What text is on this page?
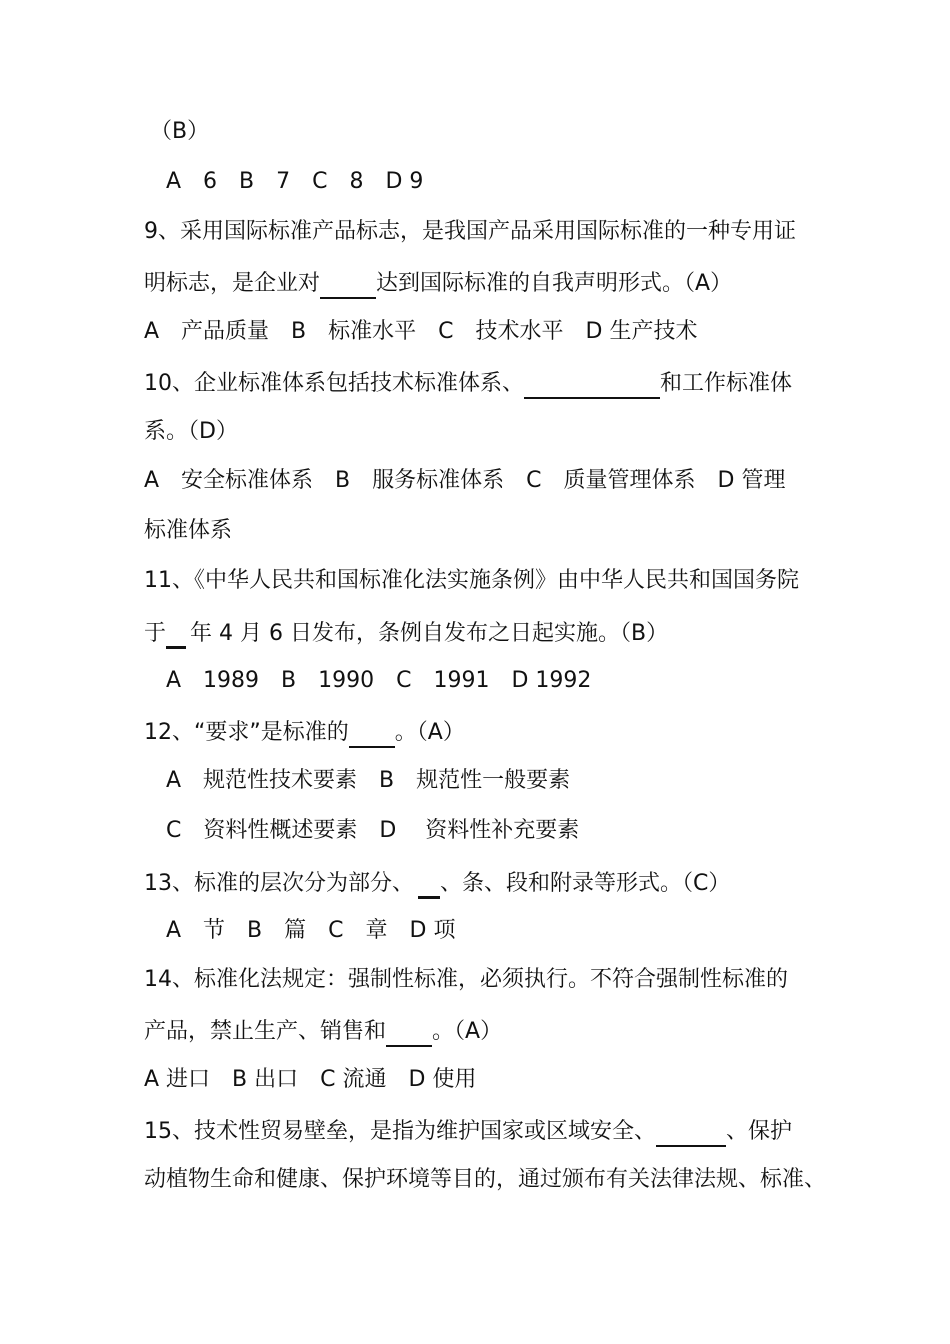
（B）
A　6　B　7　C　8　D 9
9、采用国际标准产品标志，是我国产品采用国际标准的一种专用证
明标志，是企业对	达到国际标准的自我声明形式。（A）
A　产品质量　B　标准水平　C　技术水平　D 生产技术
10、企业标准体系包括技术标准体系、	和工作标准体
系。（D）
A　安全标准体系　B　服务标准体系　C　质量管理体系　D 管理
标准体系
11、《中华人民共和国标准化法实施条例》由中华人民共和国国务院
于 年 4 月 6 日发布，条例自发布之日起实施。（B）
A　1989　B　1990　C　1991　D 1992
12、“要求”是标准的 。（A）
A　规范性技术要素　B　规范性一般要素
C　资料性概述要素　D　 资料性补充要素
13、标准的层次分为部分、 、条、段和附录等形式。（C）
A　节　B　篇　C　章　D 项
14、标准化法规定：强制性标准，必须执行。不符合强制性标准的
产品，禁止生产、销售和 。（A）
A 进口　B 出口　C 流通　D 使用
15、技术性贸易壁垒，是指为维护国家或区域安全、	、保护
动植物生命和健康、保护环境等目的，通过颁布有关法律法规、标准、
